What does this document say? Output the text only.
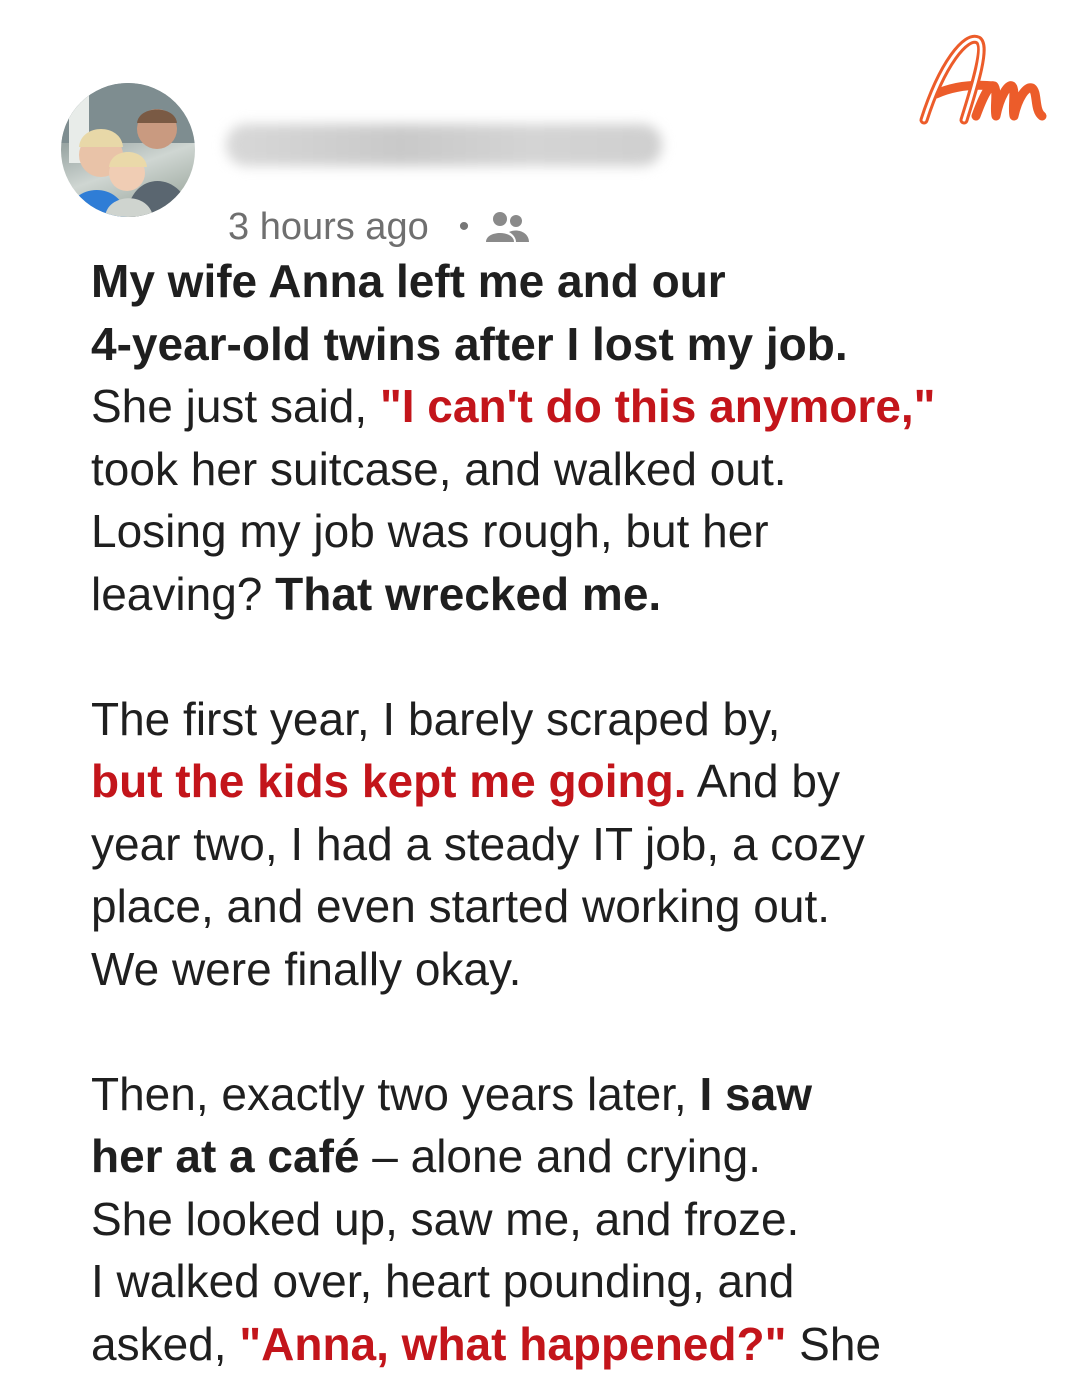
3 hours ago •

My wife Anna left me and our
4-year-old twins after I lost my job.
She just said, "I can't do this anymore,"
took her suitcase, and walked out.
Losing my job was rough, but her
leaving? That wrecked me.

The first year, I barely scraped by,
but the kids kept me going. And by
year two, I had a steady IT job, a cozy
place, and even started working out.
We were finally okay.

Then, exactly two years later, I saw
her at a café – alone and crying.
She looked up, saw me, and froze.
I walked over, heart pounding, and
asked, "Anna, what happened?" She
